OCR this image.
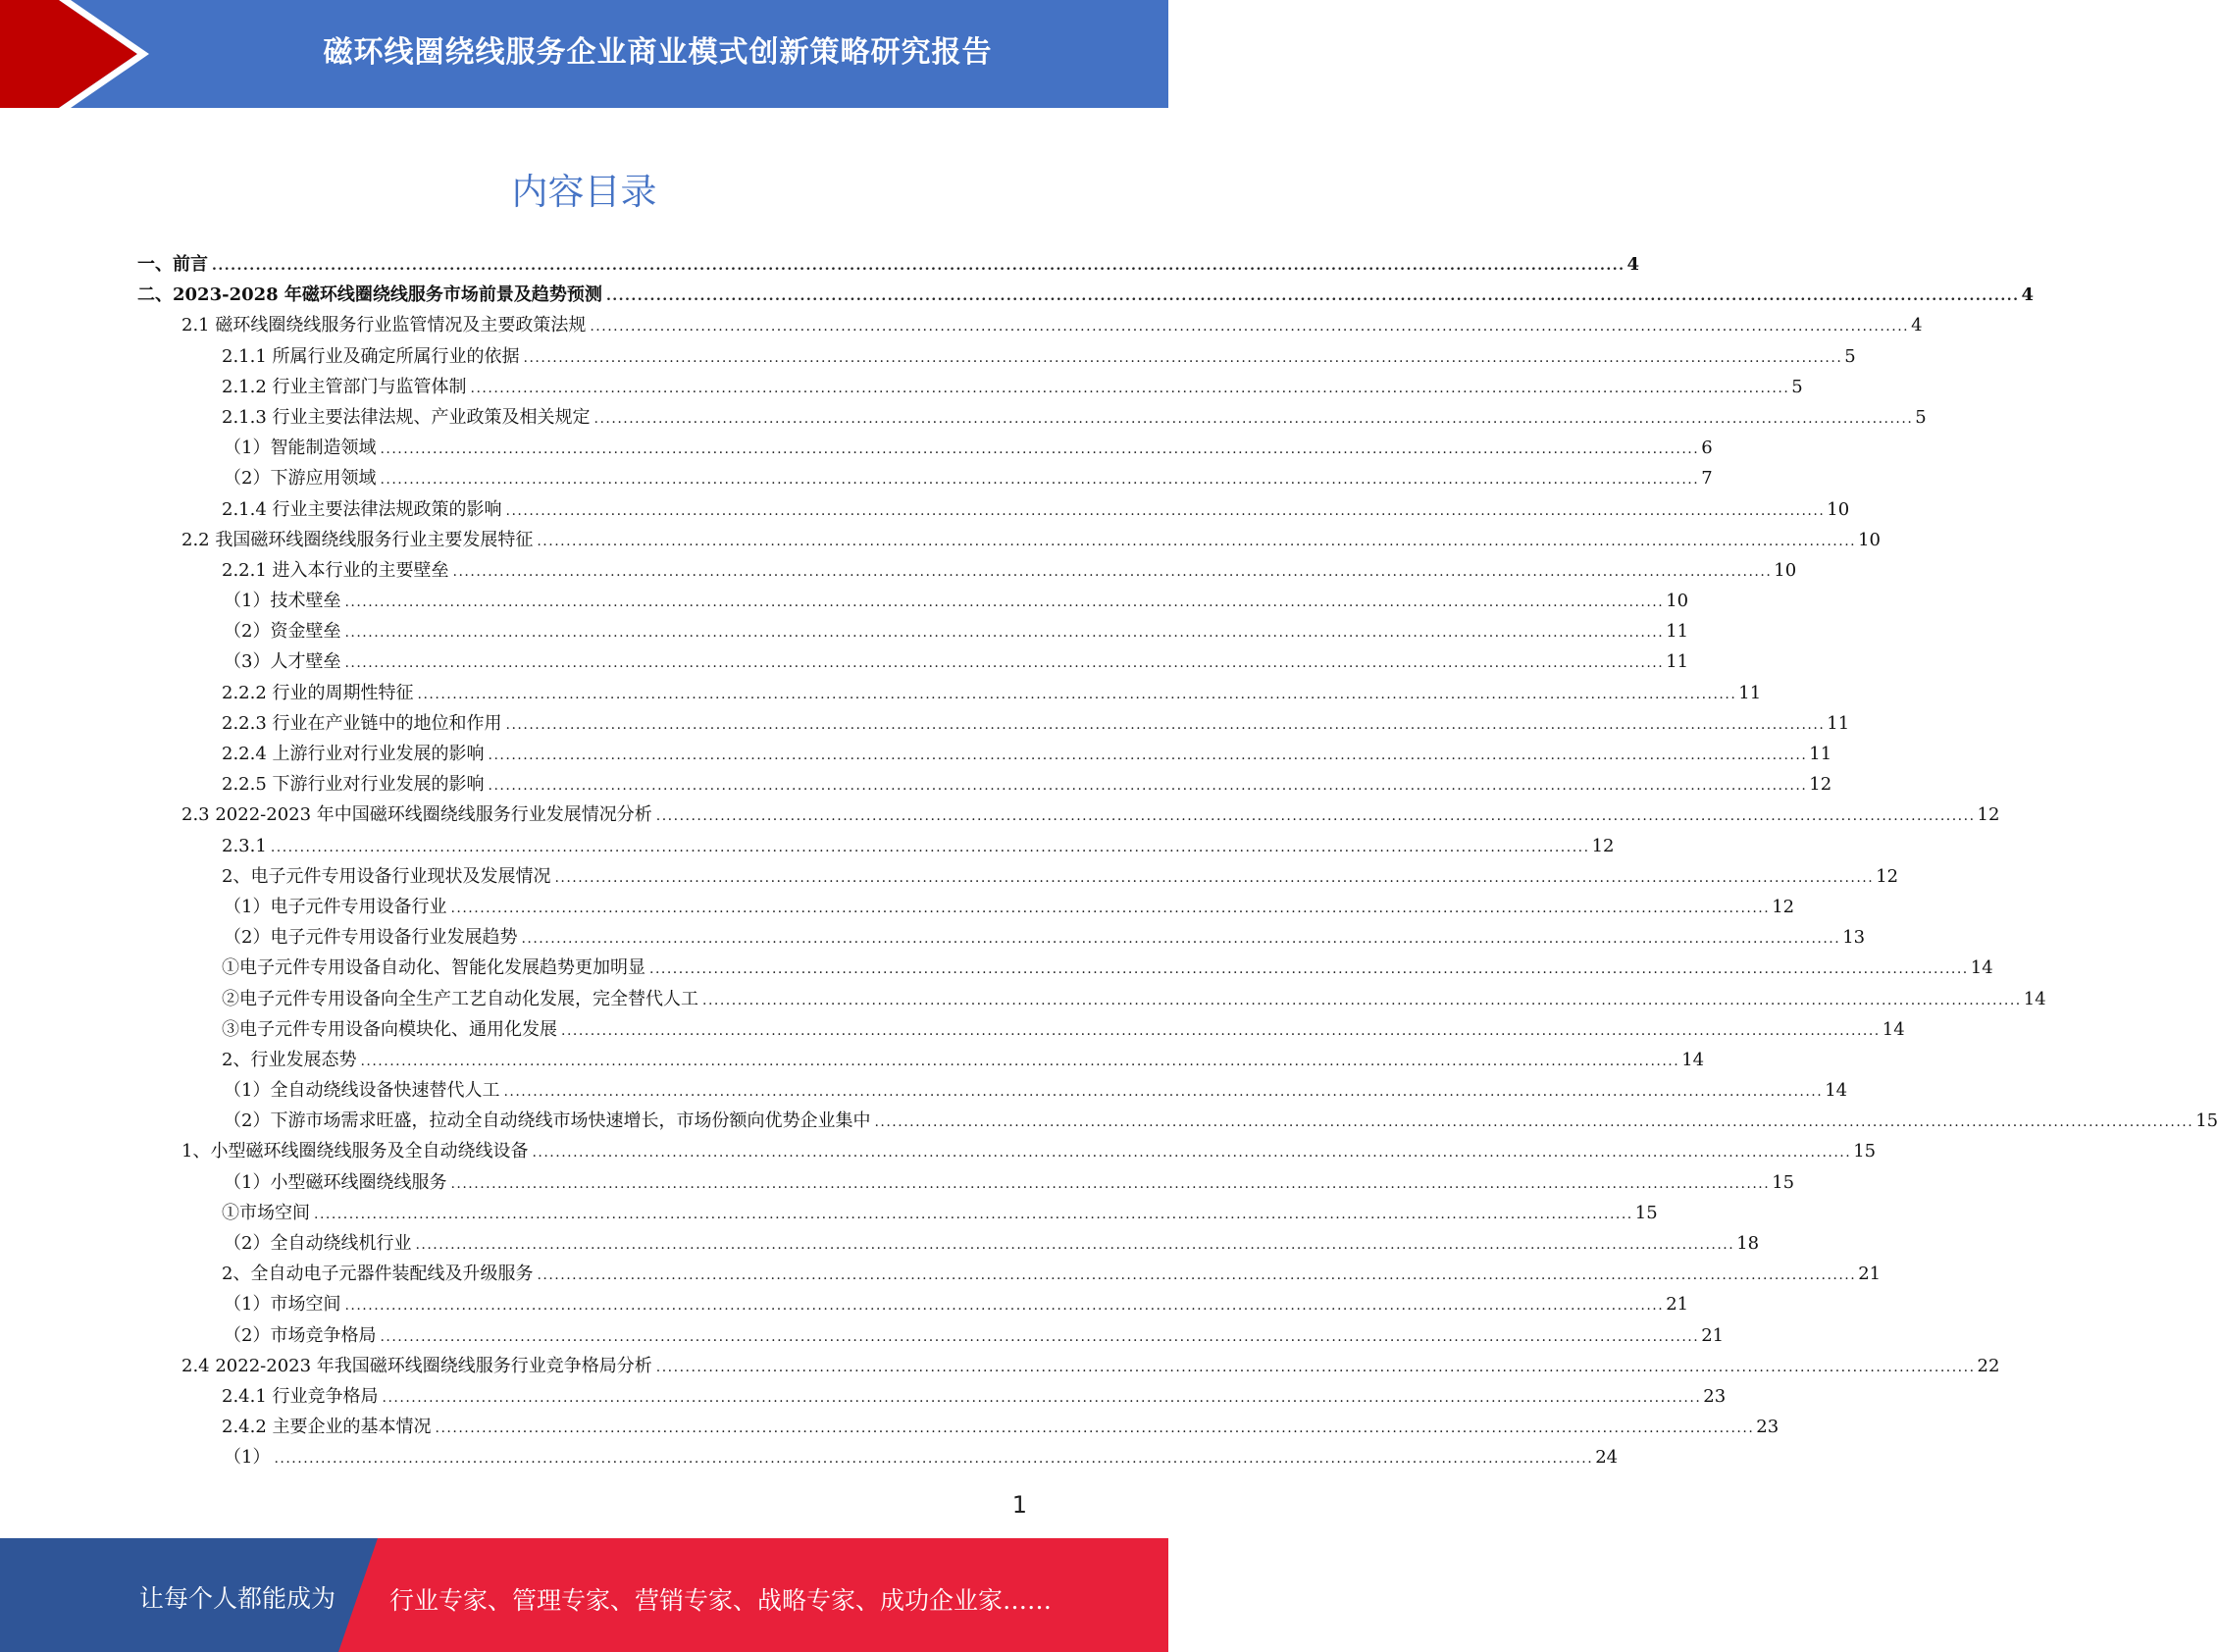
磁环线圈绕线服务企业商业模式创新策略研究报告
内容目录
一、前言 .................................................................................................................................................................................................................................. 4
二、2023-2028 年磁环线圈绕线服务市场前景及趋势预测 .................................................................................................................................................................................................................................. 4
2.1 磁环线圈绕线服务行业监管情况及主要政策法规 .................................................................................................................................................................................................................................. 4
2.1.1 所属行业及确定所属行业的依据 .................................................................................................................................................................................................................................. 5
2.1.2 行业主管部门与监管体制 .................................................................................................................................................................................................................................. 5
2.1.3 行业主要法律法规、产业政策及相关规定 .................................................................................................................................................................................................................................. 5
（1）智能制造领域 .................................................................................................................................................................................................................................. 6
（2）下游应用领域 .................................................................................................................................................................................................................................. 7
2.1.4 行业主要法律法规政策的影响 .................................................................................................................................................................................................................................. 10
2.2 我国磁环线圈绕线服务行业主要发展特征 .................................................................................................................................................................................................................................. 10
2.2.1 进入本行业的主要壁垒 .................................................................................................................................................................................................................................. 10
（1）技术壁垒 .................................................................................................................................................................................................................................. 10
（2）资金壁垒 .................................................................................................................................................................................................................................. 11
（3）人才壁垒 .................................................................................................................................................................................................................................. 11
2.2.2 行业的周期性特征 .................................................................................................................................................................................................................................. 11
2.2.3 行业在产业链中的地位和作用 .................................................................................................................................................................................................................................. 11
2.2.4 上游行业对行业发展的影响 .................................................................................................................................................................................................................................. 11
2.2.5 下游行业对行业发展的影响 .................................................................................................................................................................................................................................. 12
2.3 2022-2023 年中国磁环线圈绕线服务行业发展情况分析 .................................................................................................................................................................................................................................. 12
2.3.1 .................................................................................................................................................................................................................................. 12
2、电子元件专用设备行业现状及发展情况 .................................................................................................................................................................................................................................. 12
（1）电子元件专用设备行业 .................................................................................................................................................................................................................................. 12
（2）电子元件专用设备行业发展趋势 .................................................................................................................................................................................................................................. 13
①电子元件专用设备自动化、智能化发展趋势更加明显 .................................................................................................................................................................................................................................. 14
②电子元件专用设备向全生产工艺自动化发展，完全替代人工 .................................................................................................................................................................................................................................. 14
③电子元件专用设备向模块化、通用化发展 .................................................................................................................................................................................................................................. 14
2、行业发展态势 .................................................................................................................................................................................................................................. 14
（1）全自动绕线设备快速替代人工 .................................................................................................................................................................................................................................. 14
（2）下游市场需求旺盛，拉动全自动绕线市场快速增长，市场份额向优势企业集中 .................................................................................................................................................................................................................................. 15
1、小型磁环线圈绕线服务及全自动绕线设备 .................................................................................................................................................................................................................................. 15
（1）小型磁环线圈绕线服务 .................................................................................................................................................................................................................................. 15
①市场空间 .................................................................................................................................................................................................................................. 15
（2）全自动绕线机行业 .................................................................................................................................................................................................................................. 18
2、全自动电子元器件装配线及升级服务 .................................................................................................................................................................................................................................. 21
（1）市场空间 .................................................................................................................................................................................................................................. 21
（2）市场竞争格局 .................................................................................................................................................................................................................................. 21
2.4 2022-2023 年我国磁环线圈绕线服务行业竞争格局分析 .................................................................................................................................................................................................................................. 22
2.4.1 行业竞争格局 .................................................................................................................................................................................................................................. 23
2.4.2 主要企业的基本情况 .................................................................................................................................................................................................................................. 23
（1） .................................................................................................................................................................................................................................. 24
1
让每个人都能成为 行业专家、管理专家、营销专家、战略专家、成功企业家……
